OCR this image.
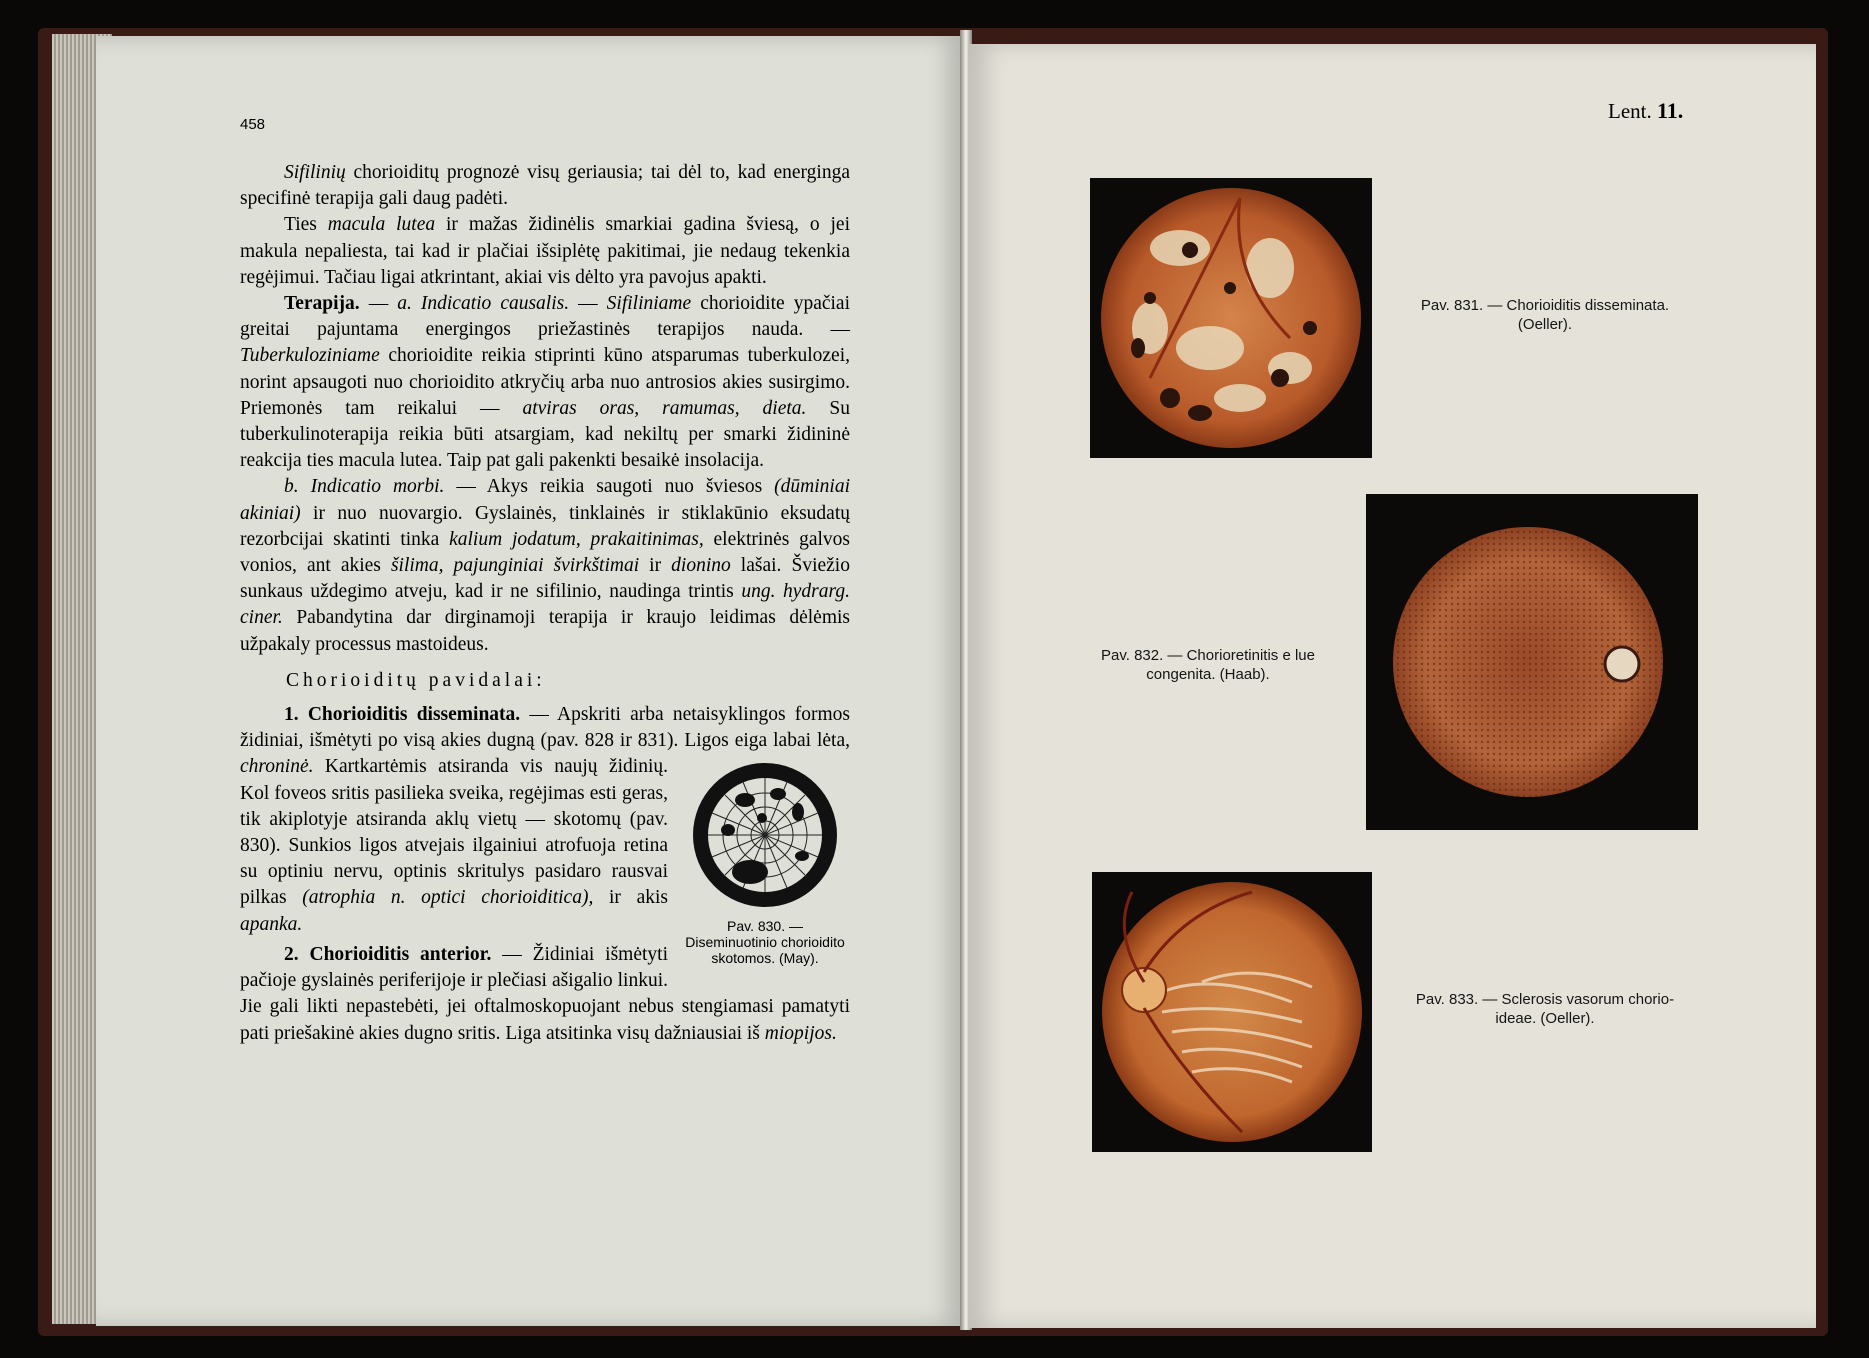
458

Sifilinių chorioiditų prognozė visų geriausia; tai dėl to, kad energinga specifinė terapija gali daug padėti.

Ties macula lutea ir mažas židinėlis smarkiai gadina šviesą, o jei makula nepaliesta, tai kad ir plačiai išsiplėtę pakitimai, jie nedaug tekenkia regėjimui. Tačiau ligai atkrintant, akiai vis dėlto yra pavojus apakti.

Terapija. — a. Indicatio causalis. — Sifiliniame chorioidite ypačiai greitai pajuntama energingos priežastinės terapijos nauda. — Tuberkuloziniame chorioidite reikia stiprinti kūno atsparumas tuberkulozei, norint apsaugoti nuo chorioidito atkryčių arba nuo antrosios akies susirgimo. Priemonės tam reikalui — atviras oras, ramumas, dieta. Su tuberkulinoterapija reikia būti atsargiam, kad nekiltų per smarki židininė reakcija ties macula lutea. Taip pat gali pakenkti besaikė insolacija.

b. Indicatio morbi. — Akys reikia saugoti nuo šviesos (dūminiai akiniai) ir nuo nuovargio. Gyslainės, tinklainės ir stiklakūnio eksudatų rezorbcijai skatinti tinka kalium jodatum, prakaitinimas, elektrinės galvos vonios, ant akies šilima, pajunginiai švirkštimai ir dionino lašai. Šviežio sunkaus uždegimo atveju, kad ir ne sifilinio, naudinga trintis ung. hydrarg. ciner. Pabandytina dar dirginamoji terapija ir kraujo leidimas dėlėmis užpakaly processus mastoideus.

Chorioiditų pavidalai:

1. Chorioiditis disseminata. — Apskriti arba netaisyklingos formos židiniai, išmėtyti po visą akies dugną (pav. 828 ir 831). Ligos eiga labai lėta, chroninė.
Pav. 830. — Diseminuotinio chorioidito skotomos. (May).
Kartkartėmis atsiranda vis naujų židinių. Kol foveos sritis pasilieka sveika, regėjimas esti geras, tik akiplotyje atsiranda aklų vietų — skotomų (pav. 830). Sunkios ligos atvejais ilgainiui atrofuoja retina su optiniu nervu, optinis skritulys pasidaro rausvai pilkas (atrophia n. optici chorioiditica), ir akis apanka.

2. Chorioiditis anterior. — Židiniai išmėtyti pačioje gyslainės periferijoje ir plečiasi ašigalio linkui. Jie gali likti nepastebėti, jei oftalmoskopuojant nebus stengiamasi pamatyti pati priešakinė akies dugno sritis. Liga atsitinka visų dažniausiai iš miopijos.

Lent. 11.
Pav. 831. — Chorioiditis disseminata.
(Oeller).
Pav. 832. — Chorioretinitis e lue
congenita. (Haab).
Pav. 833. — Sclerosis vasorum chorio-
ideae. (Oeller).
